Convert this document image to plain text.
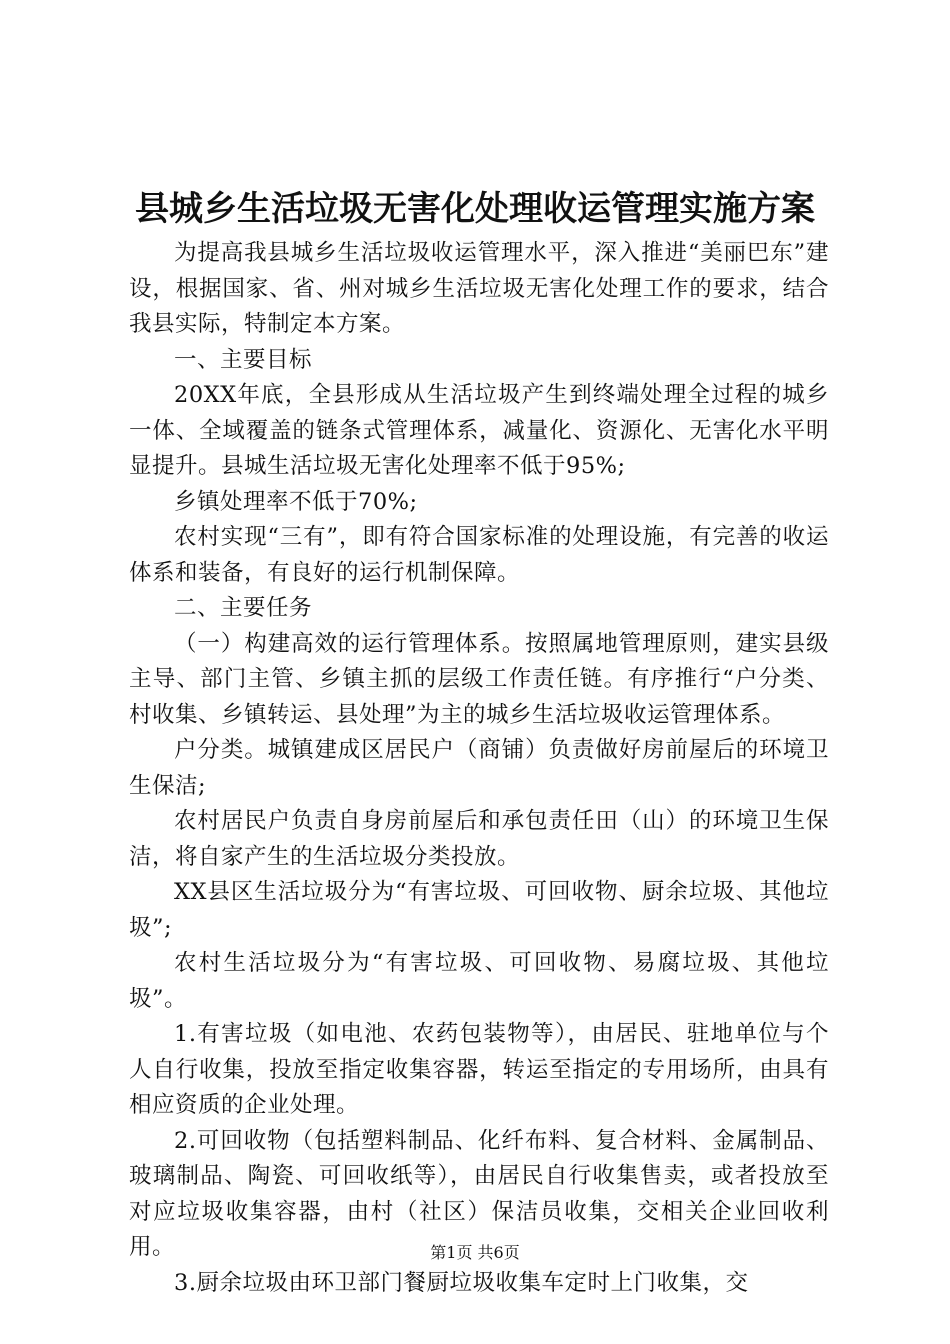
县城乡生活垃圾无害化处理收运管理实施方案

为提高我县城乡生活垃圾收运管理水平，深入推进“美丽巴东”建设，根据国家、省、州对城乡生活垃圾无害化处理工作的要求，结合我县实际，特制定本方案。

一、主要目标

20XX年底，全县形成从生活垃圾产生到终端处理全过程的城乡一体、全域覆盖的链条式管理体系，减量化、资源化、无害化水平明显提升。县城生活垃圾无害化处理率不低于95%;

乡镇处理率不低于70%;

农村实现“三有”，即有符合国家标准的处理设施，有完善的收运体系和装备，有良好的运行机制保障。

二、主要任务

（一）构建高效的运行管理体系。按照属地管理原则，建实县级主导、部门主管、乡镇主抓的层级工作责任链。有序推行“户分类、村收集、乡镇转运、县处理”为主的城乡生活垃圾收运管理体系。

户分类。城镇建成区居民户（商铺）负责做好房前屋后的环境卫生保洁;

农村居民户负责自身房前屋后和承包责任田（山）的环境卫生保洁，将自家产生的生活垃圾分类投放。

XX县区生活垃圾分为“有害垃圾、可回收物、厨余垃圾、其他垃圾”;

农村生活垃圾分为“有害垃圾、可回收物、易腐垃圾、其他垃圾”。

1.有害垃圾（如电池、农药包装物等），由居民、驻地单位与个人自行收集，投放至指定收集容器，转运至指定的专用场所，由具有相应资质的企业处理。

2.可回收物（包括塑料制品、化纤布料、复合材料、金属制品、玻璃制品、陶瓷、可回收纸等），由居民自行收集售卖，或者投放至对应垃圾收集容器，由村（社区）保洁员收集，交相关企业回收利用。

3.厨余垃圾由环卫部门餐厨垃圾收集车定时上门收集，交

第1页 共6页
